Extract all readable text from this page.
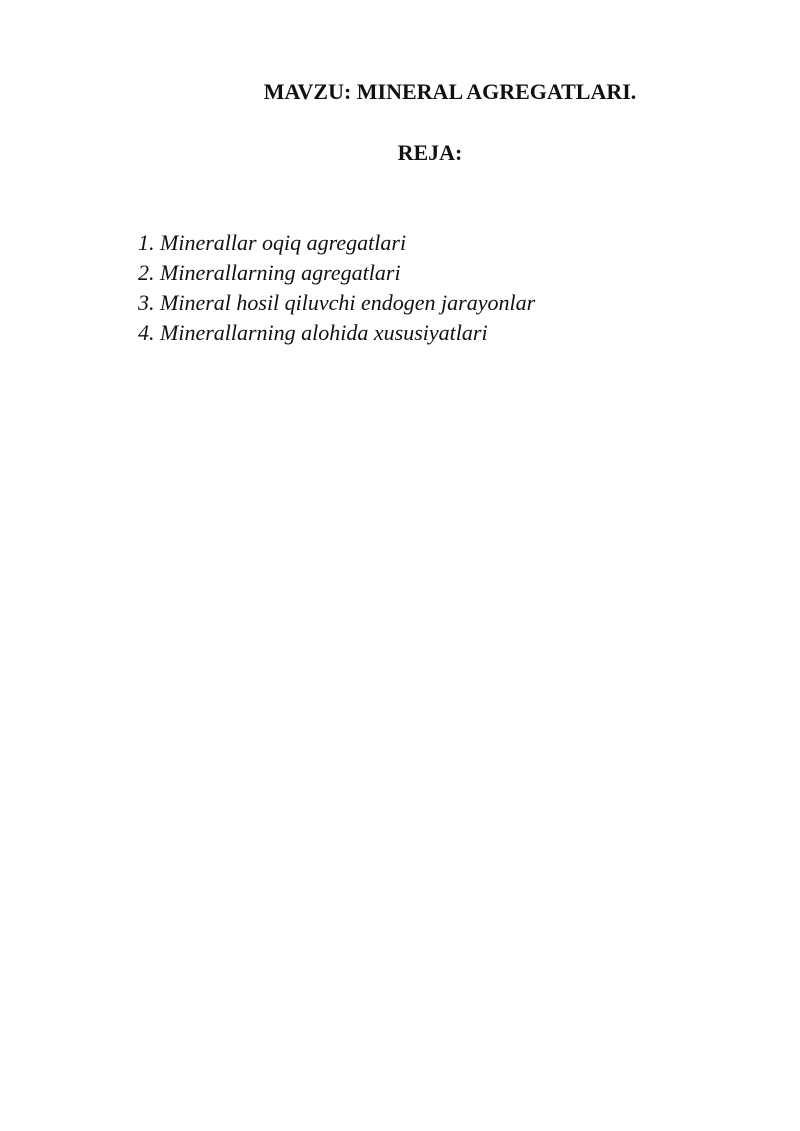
MAVZU: MINERAL AGREGATLARI.
REJA:
1. Minerallar oqiq agregatlari
2. Minerallarning agregatlari
3. Mineral hosil qiluvchi endogen jarayonlar
4. Minerallarning alohida xususiyatlari
